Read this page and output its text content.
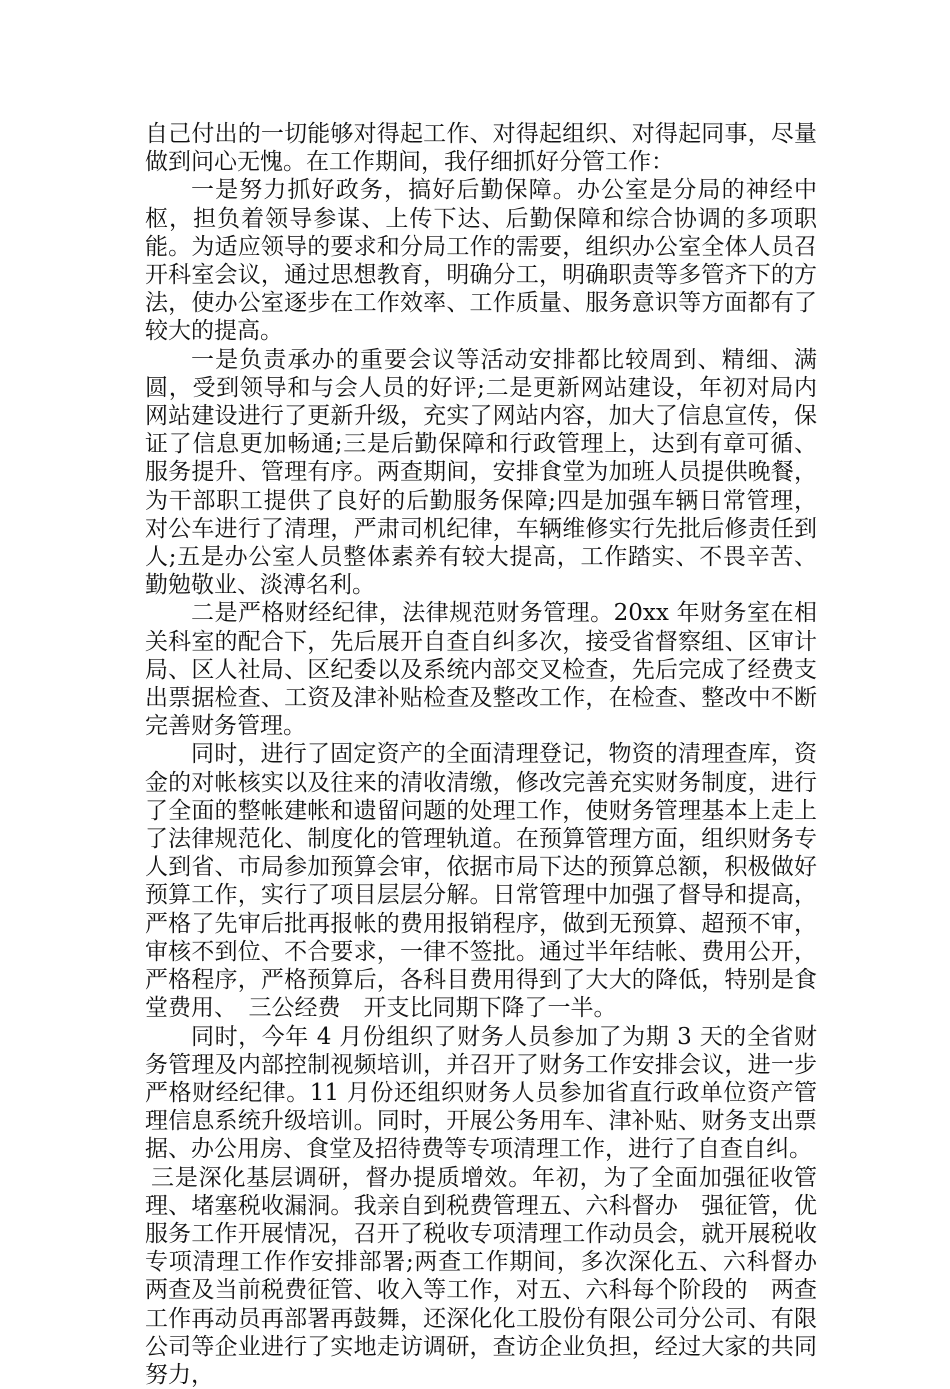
自己付出的一切能够对得起工作、对得起组织、对得起同事，尽量做到问心无愧。在工作期间，我仔细抓好分管工作：

一是努力抓好政务，搞好后勤保障。办公室是分局的神经中枢，担负着领导参谋、上传下达、后勤保障和综合协调的多项职能。为适应领导的要求和分局工作的需要，组织办公室全体人员召开科室会议，通过思想教育，明确分工，明确职责等多管齐下的方法，使办公室逐步在工作效率、工作质量、服务意识等方面都有了较大的提高。

一是负责承办的重要会议等活动安排都比较周到、精细、满圆，受到领导和与会人员的好评;二是更新网站建设，年初对局内网站建设进行了更新升级，充实了网站内容，加大了信息宣传，保证了信息更加畅通;三是后勤保障和行政管理上，达到有章可循、服务提升、管理有序。两查期间，安排食堂为加班人员提供晚餐，为干部职工提供了良好的后勤服务保障;四是加强车辆日常管理，对公车进行了清理，严肃司机纪律，车辆维修实行先批后修责任到人;五是办公室人员整体素养有较大提高，工作踏实、不畏辛苦、勤勉敬业、淡溥名利。

二是严格财经纪律，法律规范财务管理。20xx 年财务室在相关科室的配合下，先后展开自查自纠多次，接受省督察组、区审计局、区人社局、区纪委以及系统内部交叉检查，先后完成了经费支出票据检查、工资及津补贴检查及整改工作，在检查、整改中不断完善财务管理。

同时，进行了固定资产的全面清理登记，物资的清理查库，资金的对帐核实以及往来的清收清缴，修改完善充实财务制度，进行了全面的整帐建帐和遗留问题的处理工作，使财务管理基本上走上了法律规范化、制度化的管理轨道。在预算管理方面，组织财务专人到省、市局参加预算会审，依据市局下达的预算总额，积极做好预算工作，实行了项目层层分解。日常管理中加强了督导和提高，严格了先审后批再报帐的费用报销程序，做到无预算、超预不审，审核不到位、不合要求，一律不签批。通过半年结帐、费用公开，严格程序，严格预算后，各科目费用得到了大大的降低，特别是食堂费用、　三公经费　开支比同期下降了一半。

同时，今年 4 月份组织了财务人员参加了为期 3 天的全省财务管理及内部控制视频培训，并召开了财务工作安排会议，进一步严格财经纪律。11 月份还组织财务人员参加省直行政单位资产管理信息系统升级培训。同时，开展公务用车、津补贴、财务支出票据、办公用房、食堂及招待费等专项清理工作，进行了自查自纠。

三是深化基层调研，督办提质增效。年初，为了全面加强征收管理、堵塞税收漏洞。我亲自到税费管理五、六科督办　强征管，优服务工作开展情况，召开了税收专项清理工作动员会，就开展税收专项清理工作作安排部署;两查工作期间，多次深化五、六科督办　两查及当前税费征管、收入等工作，对五、六科每个阶段的　两查　工作再动员再部署再鼓舞，还深化化工股份有限公司分公司、有限公司等企业进行了实地走访调研，查访企业负担，经过大家的共同努力，
